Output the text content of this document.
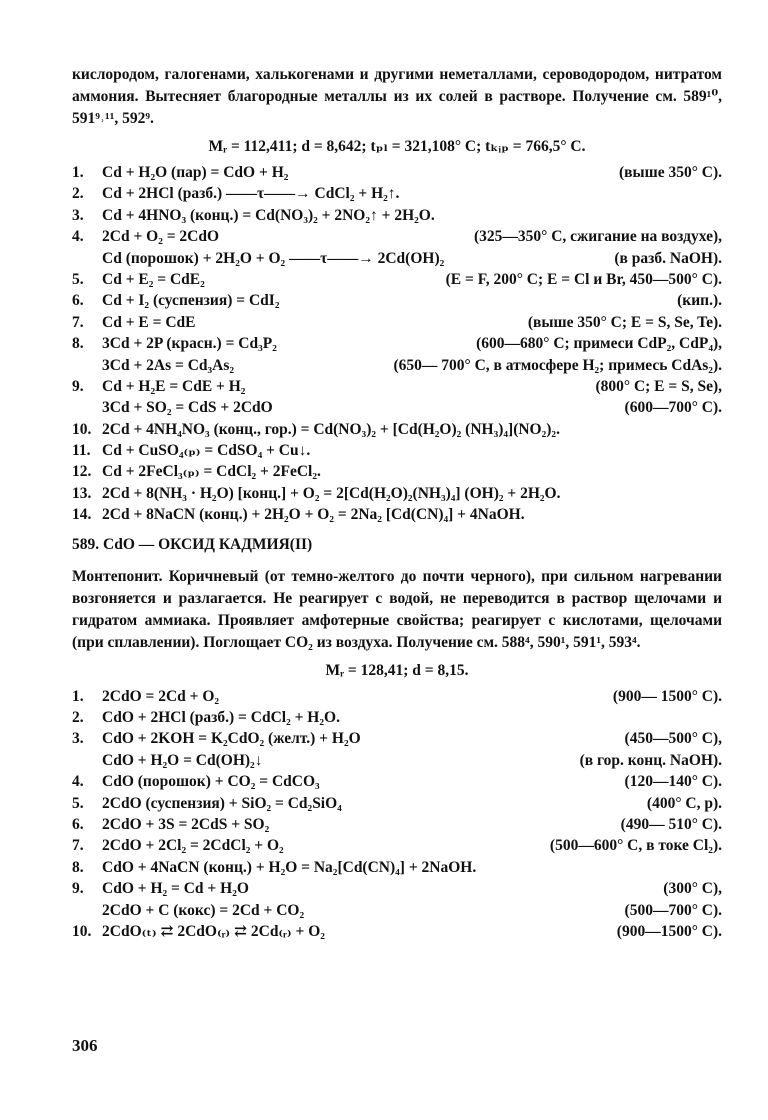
кислородом, галогенами, халькогенами и другими неметаллами, сероводородом, нитратом аммония. Вытесняет благородные металлы из их солей в растворе. Получение см. 589¹⁰, 591⁹˒¹¹, 592⁹.

Mᵣ = 112,411; d = 8,642; tₚₗ = 321,108° C; tₖᵢₚ = 766,5° C.
1. Cd + H₂O (пар) = CdO + H₂	(выше 350° C).
2. Cd + 2HCl (разб.) ——τ——→ CdCl₂ + H₂↑.
3. Cd + 4HNO₃ (конц.) = Cd(NO₃)₂ + 2NO₂↑ + 2H₂O.
4. 2Cd + O₂ = 2CdO	(325—350° C, сжигание на воздухе),
Cd (порошок) + 2H₂O + O₂ ——τ——→ 2Cd(OH)₂	(в разб. NaOH).
5. Cd + E₂ = CdE₂	(E = F, 200° C; E = Cl и Br, 450—500° C).
6. Cd + I₂ (суспензия) = CdI₂	(кип.).
7. Cd + E = CdE	(выше 350° C; E = S, Se, Te).
8. 3Cd + 2P (красн.) = Cd₃P₂	(600—680° C; примеси CdP₂, CdP₄),
3Cd + 2As = Cd₃As₂	(650— 700° C, в атмосфере H₂; примесь CdAs₂).
9. Cd + H₂E = CdE + H₂	(800° C; E = S, Se),
3Cd + SO₂ = CdS + 2CdO	(600—700° C).
10. 2Cd + 4NH₄NO₃ (конц., гор.) = Cd(NO₃)₂ + [Cd(H₂O)₂ (NH₃)₄](NO₂)₂.
11. Cd + CuSO₄₍ₚ₎ = CdSO₄ + Cu↓.
12. Cd + 2FeCl₃₍ₚ₎ = CdCl₂ + 2FeCl₂.
13. 2Cd + 8(NH₃ · H₂O) [конц.] + O₂ = 2[Cd(H₂O)₂(NH₃)₄] (OH)₂ + 2H₂O.
14. 2Cd + 8NaCN (конц.) + 2H₂O + O₂ = 2Na₂ [Cd(CN)₄] + 4NaOH.
589. CdO — ОКСИД КАДМИЯ(II)

Монтепонит. Коричневый (от темно-желтого до почти черного), при сильном нагревании возгоняется и разлагается. Не реагирует с водой, не переводится в раствор щелочами и гидратом аммиака. Проявляет амфотерные свойства; реагирует с кислотами, щелочами (при сплавлении). Поглощает CO₂ из воздуха. Получение см. 588⁴, 590¹, 591¹, 593⁴.

Mᵣ = 128,41; d = 8,15.
1. 2CdO = 2Cd + O₂	(900— 1500° C).
2. CdO + 2HCl (разб.) = CdCl₂ + H₂O.
3. CdO + 2KOH = K₂CdO₂ (желт.) + H₂O	(450—500° C),
CdO + H₂O = Cd(OH)₂↓	(в гор. конц. NaOH).
4. CdO (порошок) + CO₂ = CdCO₃	(120—140° C).
5. 2CdO (суспензия) + SiO₂ = Cd₂SiO₄	(400° C, p).
6. 2CdO + 3S = 2CdS + SO₂	(490— 510° C).
7. 2CdO + 2Cl₂ = 2CdCl₂ + O₂	(500—600° C, в токе Cl₂).
8. CdO + 4NaCN (конц.) + H₂O = Na₂[Cd(CN)₄] + 2NaOH.
9. CdO + H₂ = Cd + H₂O	(300° C),
2CdO + C (кокс) = 2Cd + CO₂	(500—700° C).
10. 2CdO₍ₜ₎ ⇄ 2CdO₍ᵣ₎ ⇄ 2Cd₍ᵣ₎ + O₂	(900—1500° C).
306
